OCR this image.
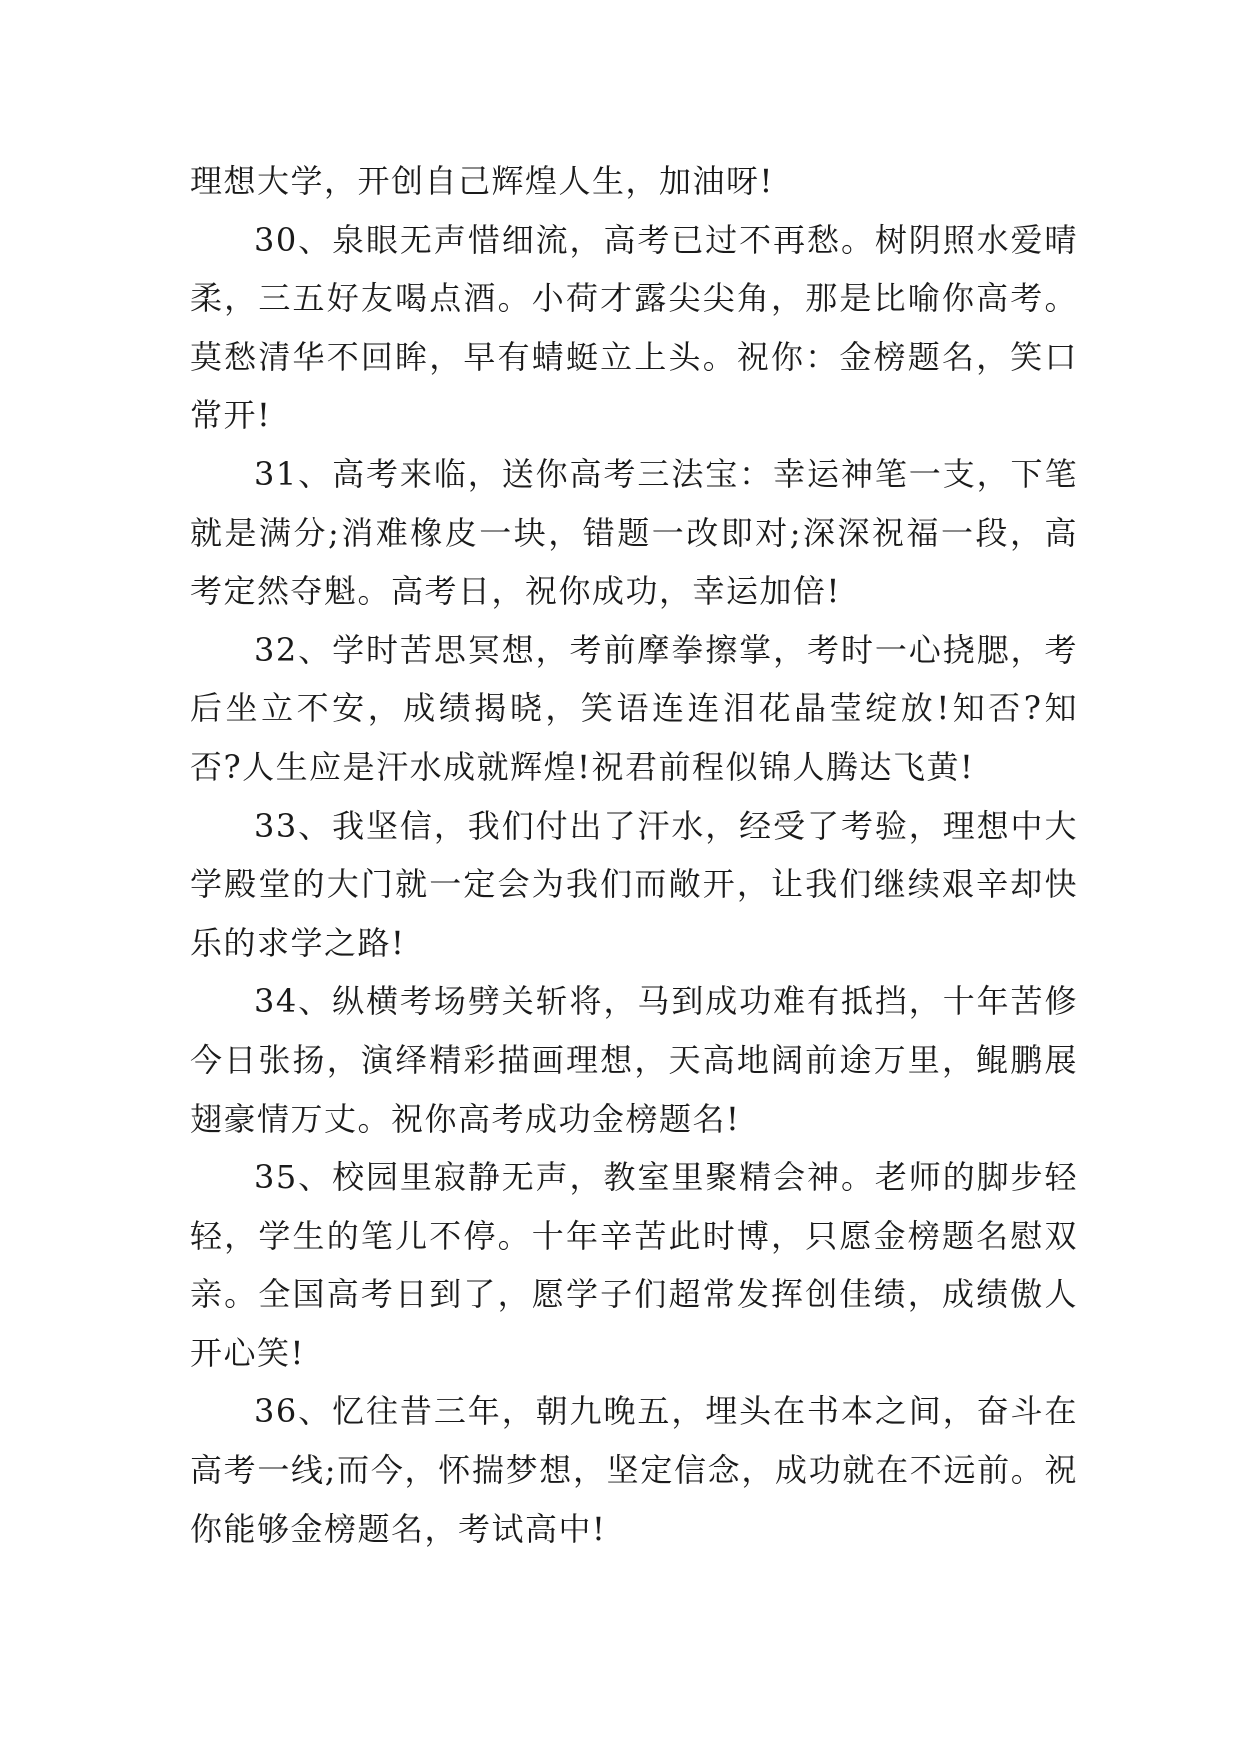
理想大学，开创自己辉煌人生，加油呀!

30、泉眼无声惜细流，高考已过不再愁。树阴照水爱晴柔，三五好友喝点酒。小荷才露尖尖角，那是比喻你高考。莫愁清华不回眸，早有蜻蜓立上头。祝你：金榜题名，笑口常开!

31、高考来临，送你高考三法宝：幸运神笔一支，下笔就是满分;消难橡皮一块，错题一改即对;深深祝福一段，高考定然夺魁。高考日，祝你成功，幸运加倍!

32、学时苦思冥想，考前摩拳擦掌，考时一心挠腮，考后坐立不安，成绩揭晓，笑语连连泪花晶莹绽放!知否?知否?人生应是汗水成就辉煌!祝君前程似锦人腾达飞黄!

33、我坚信，我们付出了汗水，经受了考验，理想中大学殿堂的大门就一定会为我们而敞开，让我们继续艰辛却快乐的求学之路!

34、纵横考场劈关斩将，马到成功难有抵挡，十年苦修今日张扬，演绎精彩描画理想，天高地阔前途万里，鲲鹏展翅豪情万丈。祝你高考成功金榜题名!

35、校园里寂静无声，教室里聚精会神。老师的脚步轻轻，学生的笔儿不停。十年辛苦此时博，只愿金榜题名慰双亲。全国高考日到了，愿学子们超常发挥创佳绩，成绩傲人开心笑!

36、忆往昔三年，朝九晚五，埋头在书本之间，奋斗在高考一线;而今，怀揣梦想，坚定信念，成功就在不远前。祝你能够金榜题名，考试高中!
